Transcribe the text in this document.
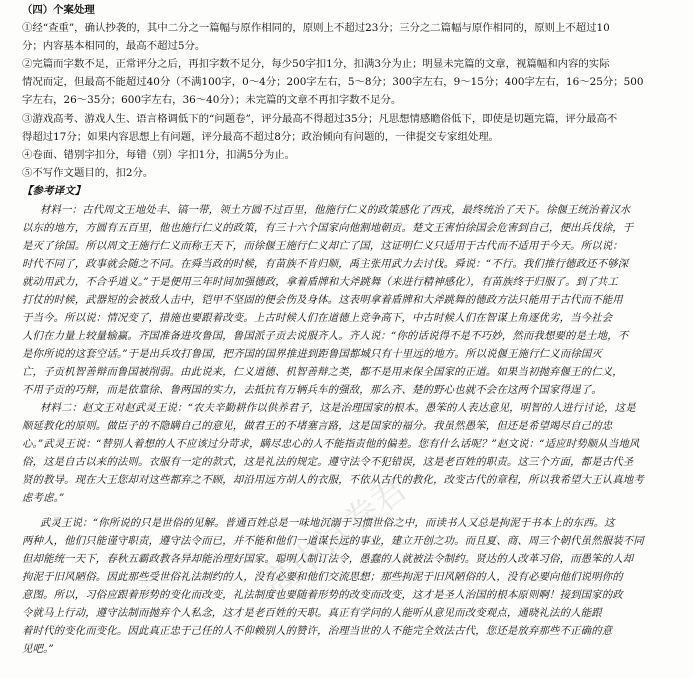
（四）个案处理
①经“查重”，确认抄袭的，其中二分之一篇幅与原作相同的，原则上不超过23分；三分之二篇幅与原作相同的，原则上不超过10
分；内容基本相同的，最高不超过5分。
②完篇而字数不足，正常评分之后，再扣字数不足分，每少50字扣1分，扣满3分为止；明显未完篇的文章，视篇幅和内容的实际
情况而定，但最高不能超过40分（不满100字，0～4分；200字左右，5～8分；300字左右，9～15分；400字左右，16～25分；500
字左右，26～35分；600字左右，36～40分）；未完篇的文章不再扣字数不足分。
③游戏高考、游戏人生、语言格调低下的“问题卷”，评分最高不得超过35分；凡思想情感瞻俗低下，即使是切题完篇，评分最高不
得超过17分；如果内容思想上有问题，评分最高不超过8分；政治倾向有问题的，一律提交专家组处理。
④卷面、错别字扣分，每错（别）字扣1分，扣满5分为止。
⑤不写作文题目的，扣2分。
【参考译文】
材料一：古代周文王地处丰、镐一带，领土方圆不过百里，他施行仁义的政策感化了西戎，最终统治了天下。徐偃王统治着汉水
以东的地方，方圆有五百里，他也施行仁义的政策，有三十六个国家向他割地朝贡。楚文王害怕徐国会危害到自己，便出兵伐徐，于
是灭了徐国。所以周文王施行仁义而称王天下，而徐偃王施行仁义却亡了国，这证明仁义只适用于古代而不适用于今天。所以说：
时代不同了，政事就会随之不同。在舜当政的时候，有苗族不肯归顺，禹主张用武力去讨伐。舜说：“不行。我们推行德政还不够深
就动用武力，不合乎道义。”于是便用三年时间加强德政，拿着盾牌和大斧跳舞（来进行精神感化），有苗族终于归服了。到了共工
打仗的时候，武器短的会被敌人击中，铠甲不坚固的便会伤及身体。这表明拿着盾牌和大斧跳舞的德政方法只能用于古代而不能用
于当今。所以说：情况变了，措施也要跟着改变。上古时候人们在道德上竞争高下，中古时候人们在智谋上角逐优劣，当今社会
人们在力量上较量输赢。齐国准备进攻鲁国，鲁国派子贡去说服齐人。齐人说：“你的话说得不是不巧妙，然而我想要的是土地，不
是你所说的这套空话。”于是出兵攻打鲁国，把齐国的国界推进到距鲁国都城只有十里远的地方。所以说偃王施行仁义而徐国灭
亡，子贡机智善辩而鲁国被削弱。由此说来，仁义道德、机智善辩之类，都不是用来保全国家的正道。如果当初抛弃偃王的仁义，
不用子贡的巧辩，而是依靠徐、鲁两国的实力，去抵抗有万辆兵车的强敌，那么齐、楚的野心也就不会在这两个国家得逞了。
材料二：赵文王对赵武灵王说：“农夫辛勤耕作以供养君子，这是治理国家的根本。愚笨的人表达意见，明智的人进行讨论，这是
顺延教化的原则。做臣子的不隐瞒自己的意见，做君王的不堵塞言路，这是国家的福分。我虽然愚笨，但还是希望竭尽自己的忠
心。”武灵王说：“替别人着想的人不应该过分苛求，瞒尽忠心的人不能指责他的偏差。您有什么话呢？”赵文说：“适应时势顺从当地风
俗，这是自古以来的法则。衣服有一定的款式，这是礼法的规定。遵守法令不犯错误，这是老百姓的职责。这三个方面，都是古代圣
贤的教导。现在大王您却对这些都弃之不顾，却沿用远方胡人的衣服，不依从古代的教化，改变古代的章程，所以我希望大王认真地考
虑考虑。”
武灵王说：“你所说的只是世俗的见解。普通百姓总是一味地沉溺于习惯世俗之中，而读书人又总是拘泥于书本上的东西。这
两种人，他们只能谨守职责，遵守法令而已，并不能和他们一道谋长远的事业，建立开创之功。而且夏、商、周三个朝代虽然服装不同
但却能统一天下，春秋五霸政教各异却能治理好国家。聪明人制订法令，愚蠢的人就被法令制约。贤达的人改革习俗，而愚笨的人却
拘泥于旧风陋俗。因此那些受世俗礼法制约的人，没有必要和他们交流思想；那些拘泥于旧风陋俗的人，没有必要向他们说明你的
意图。所以，习俗应跟着形势的变化而改变，礼法制度也要随着形势的改变而改变，这才是圣人治国的根本原则啊！接到国家的政
令就马上行动，遵守法制而抛弃个人私念，这才是老百姓的天职。真正有学问的人能听从意见而改变观点，通晓礼法的人能跟
着时代的变化而变化。因此真正忠于己任的人不仰赖别人的赞许，治理当世的人不能完全效法古代，您还是放弃那些不正确的意
见吧。”
高中试卷君
